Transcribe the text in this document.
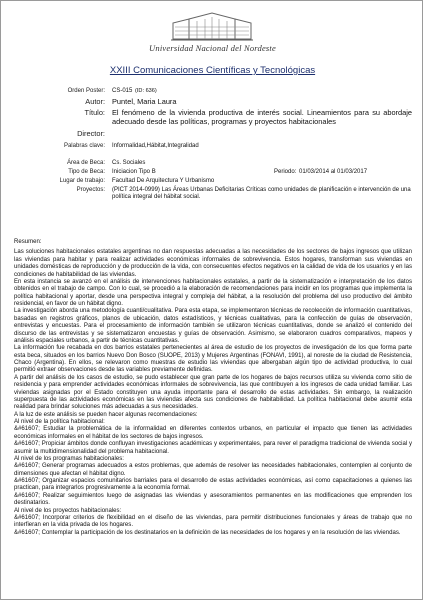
Universidad Nacional del Nordeste
XXIII Comunicaciones Científicas y Tecnológicas
Orden Poster: CS-015 (ID: 636)
Autor: Puntel, Maria Laura
Título: El fenómeno de la vivienda productiva de interés social. Lineamientos para su abordaje adecuado desde las políticas, programas y proyectos habitacionales
Director:
Palabras clave: Informalidad,Hábitat,Integralidad
Área de Beca: Cs. Sociales
Tipo de Beca: Iniciacion Tipo B	Periodo: 01/03/2014 al 01/03/2017
Lugar de trabajo: Facultad De Arquitectura Y Urbanismo
Proyectos: (PICT 2014-0999) Las Áreas Urbanas Deficitarias Críticas como unidades de planificación e intervención de una política integral del hábitat social.

Resumen:

Las soluciones habitacionales estatales argentinas no dan respuestas adecuadas a las necesidades de los sectores de bajos ingresos que utilizan las viviendas para habitar y para realizar actividades económicas informales de sobrevivencia. Estos hogares, transforman sus viviendas en unidades domésticas de reproducción y de producción de la vida, con consecuentes efectos negativos en la calidad de vida de los usuarios y en las condiciones de habitabilidad de las viviendas.

En esta instancia se avanzó en el análisis de intervenciones habitacionales estatales, a partir de la sistematización e interpretación de los datos obtenidos en el trabajo de campo. Con lo cual, se procedió a la elaboración de recomendaciones para incidir en los programas que implementa la política habitacional y aportar, desde una perspectiva integral y compleja del hábitat, a la resolución del problema del uso productivo del ámbito residencial, en favor de un hábitat digno.

La investigación aborda una metodología cuanti/cualitativa. Para esta etapa, se implementaron técnicas de recolección de información cuantitativas, basadas en registros gráficos, planos de ubicación, datos estadísticos, y técnicas cualitativas, para la confección de guías de observación, entrevistas y encuestas. Para el procesamiento de información también se utilizaron técnicas cuantitativas, donde se analizó el contenido del discurso de las entrevistas y se sistematizaron encuestas y guías de observación. Asimismo, se elaboraron cuadros comparativos, mapeos y análisis espaciales urbanos, a partir de técnicas cuantitativas.

La información fue recabada en dos barrios estatales pertenecientes al área de estudio de los proyectos de investigación de los que forma parte esta beca, situados en los barrios Nuevo Don Bosco (SUOPE, 2013) y Mujeres Argentinas (FONAVI, 1991), al noreste de la ciudad de Resistencia, Chaco (Argentina). En ellos, se relevaron como muestras de estudio las viviendas que albergaban algún tipo de actividad productiva, lo cual permitió extraer observaciones desde las variables previamente definidas.

A partir del análisis de los casos de estudio, se pudo establecer que gran parte de los hogares de bajos recursos utiliza su vivienda como sitio de residencia y para emprender actividades económicas informales de sobrevivencia, las que contribuyen a los ingresos de cada unidad familiar. Las viviendas asignadas por el Estado constituyen una ayuda importante para el desarrollo de estas actividades. Sin embargo, la realización superpuesta de las actividades económicas en las viviendas afecta sus condiciones de habitabilidad. La política habitacional debe asumir esta realidad para brindar soluciones más adecuadas a sus necesidades.

A la luz de este análisis se pueden hacer algunas recomendaciones:

Al nivel de la política habitacional:

&#61607; Estudiar la problemática de la informalidad en diferentes contextos urbanos, en particular el impacto que tienen las actividades económicas informales en el hábitat de los sectores de bajos ingresos.

&#61607; Propiciar ámbitos donde confluyan investigaciones académicas y experimentales, para rever el paradigma tradicional de vivienda social y asumir la multidimensionalidad del problema habitacional.

Al nivel de los programas habitacionales:

&#61607; Generar programas adecuados a estos problemas, que además de resolver las necesidades habitacionales, contemplen al conjunto de dimensiones que afectan el hábitat digno.

&#61607; Organizar espacios comunitarios barriales para el desarrollo de estas actividades económicas, así como capacitaciones a quienes las practican, para integrarlos progresivamente a la economía formal.

&#61607; Realizar seguimientos luego de asignadas las viviendas y asesoramientos permanentes en las modificaciones que emprenden los destinatarios.

Al nivel de los proyectos habitacionales:

&#61607; Incorporar criterios de flexibilidad en el diseño de las viviendas, para permitir distribuciones funcionales y áreas de trabajo que no interfieran en la vida privada de los hogares.

&#61607; Contemplar la participación de los destinatarios en la definición de las necesidades de los hogares y en la resolución de las viviendas.
